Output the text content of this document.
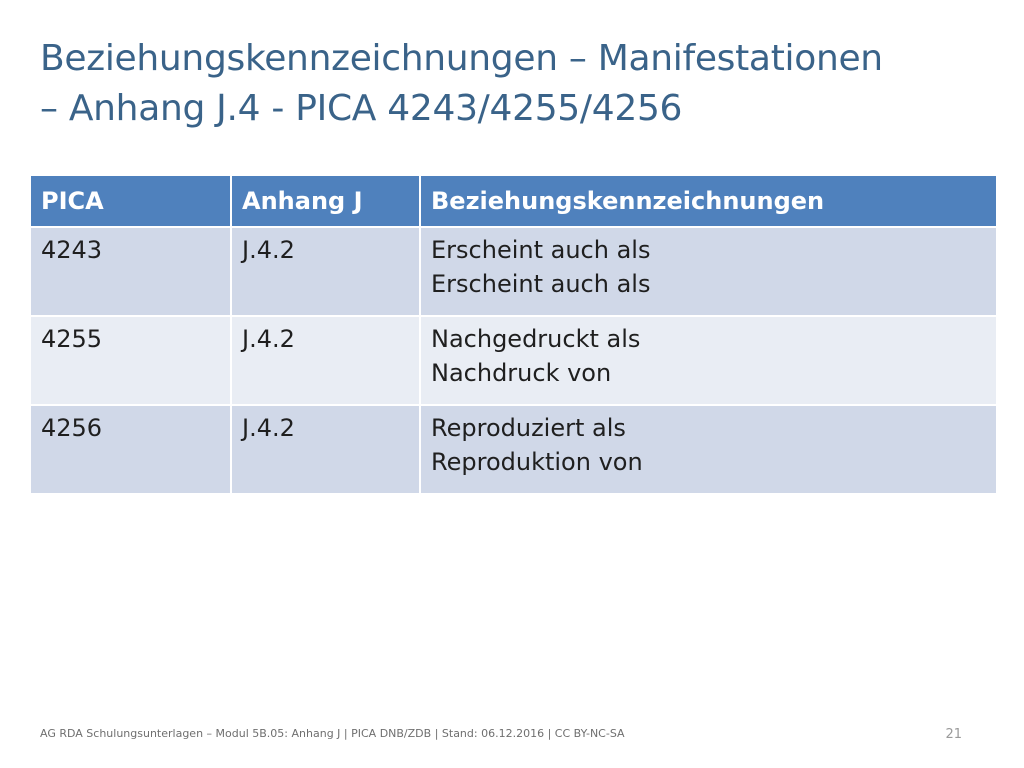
Beziehungskennzeichnungen – Manifestationen
– Anhang J.4 - PICA 4243/4255/4256
PICA	Anhang J	Beziehungskennzeichnungen
4243	J.4.2	Erscheint auch als
Erscheint auch als

4255	J.4.2	Nachgedruckt als
Nachdruck von

4256	J.4.2	Reproduziert als
Reproduktion von
AG RDA Schulungsunterlagen – Modul 5B.05: Anhang J | PICA DNB/ZDB | Stand: 06.12.2016 | CC BY-NC-SA	21
